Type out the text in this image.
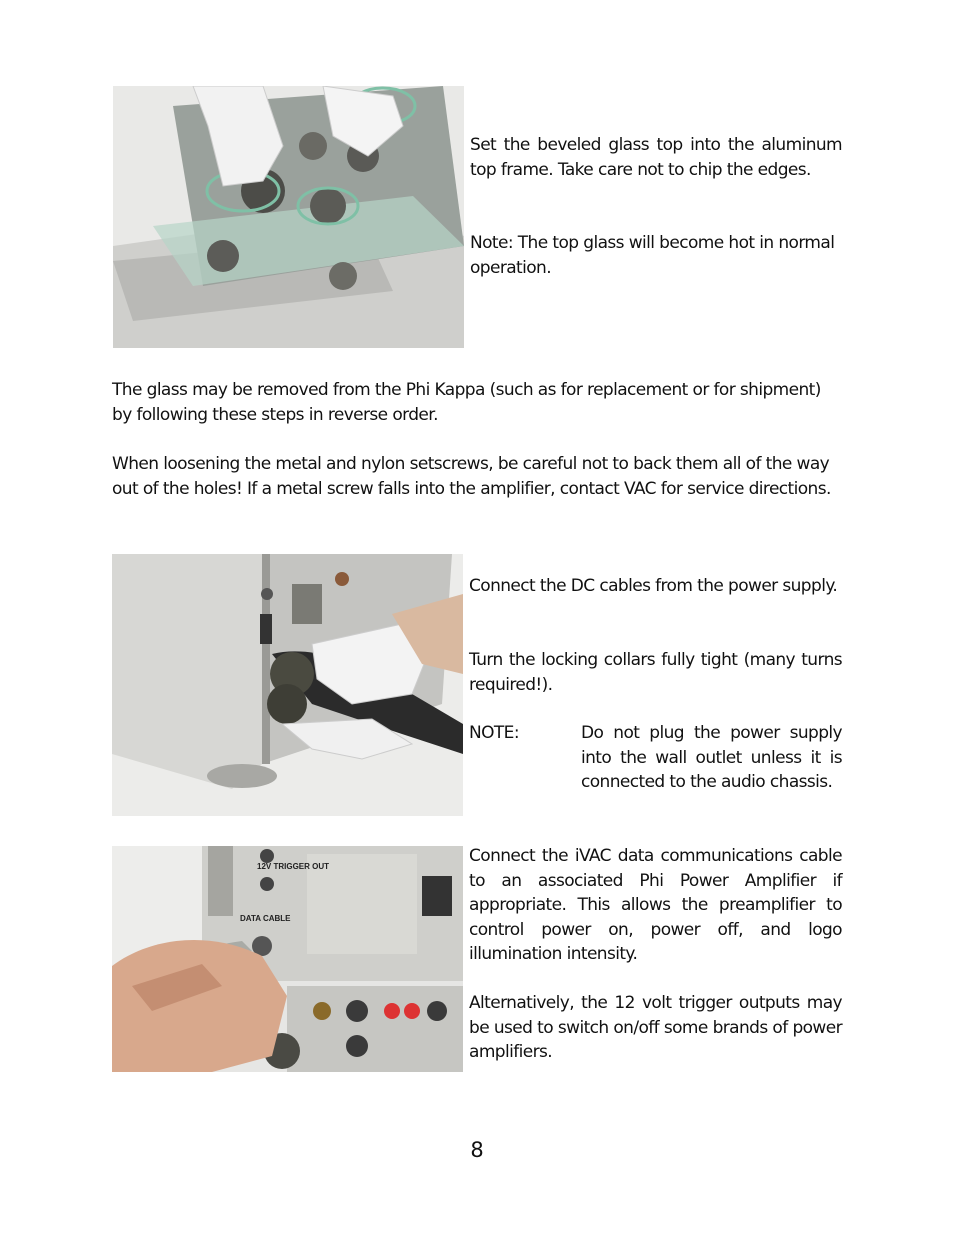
Set the beveled glass top into the aluminum top frame. Take care not to chip the edges.
Note: The top glass will become hot in normal operation.
The glass may be removed from the Phi Kappa (such as for replacement or for shipment) by following these steps in reverse order.
When loosening the metal and nylon setscrews, be careful not to back them all of the way out of the holes! If a metal screw falls into the amplifier, contact VAC for service directions.
Connect the DC cables from the power supply.
Turn the locking collars fully tight (many turns required!).
NOTE:	Do not plug the power supply into the wall outlet unless it is connected to the audio chassis.
12V TRIGGER OUT
DATA CABLE
Connect the iVAC data communications cable to an associated Phi Power Amplifier if appropriate. This allows the preamplifier to control power on, power off, and logo illumination intensity.
Alternatively, the 12 volt trigger outputs may be used to switch on/off some brands of power amplifiers.
8
